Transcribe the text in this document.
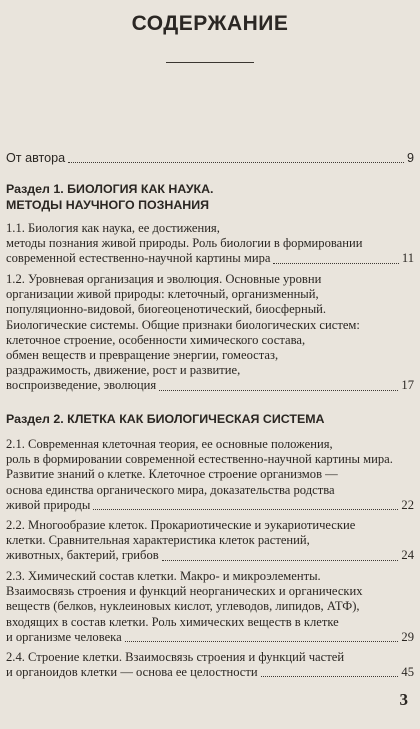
СОДЕРЖАНИЕ
От автора	9
Раздел 1. БИОЛОГИЯ КАК НАУКА.
МЕТОДЫ НАУЧНОГО ПОЗНАНИЯ
1.1. Биология как наука, ее достижения,
методы познания живой природы. Роль биологии в формировании
современной естественно-научной картины мира	11
1.2. Уровневая организация и эволюция. Основные уровни
организации живой природы: клеточный, организменный,
популяционно-видовой, биогеоценотический, биосферный.
Биологические системы. Общие признаки биологических систем:
клеточное строение, особенности химического состава,
обмен веществ и превращение энергии, гомеостаз,
раздражимость, движение, рост и развитие,
воспроизведение, эволюция	17
Раздел 2. КЛЕТКА КАК БИОЛОГИЧЕСКАЯ СИСТЕМА
2.1. Современная клеточная теория, ее основные положения,
роль в формировании современной естественно-научной картины мира.
Развитие знаний о клетке. Клеточное строение организмов —
основа единства органического мира, доказательства родства
живой природы	22
2.2. Многообразие клеток. Прокариотические и эукариотические
клетки. Сравнительная характеристика клеток растений,
животных, бактерий, грибов	24
2.3. Химический состав клетки. Макро- и микроэлементы.
Взаимосвязь строения и функций неорганических и органических
веществ (белков, нуклеиновых кислот, углеводов, липидов, АТФ),
входящих в состав клетки. Роль химических веществ в клетке
и организме человека	29
2.4. Строение клетки. Взаимосвязь строения и функций частей
и органоидов клетки — основа ее целостности	45
3
